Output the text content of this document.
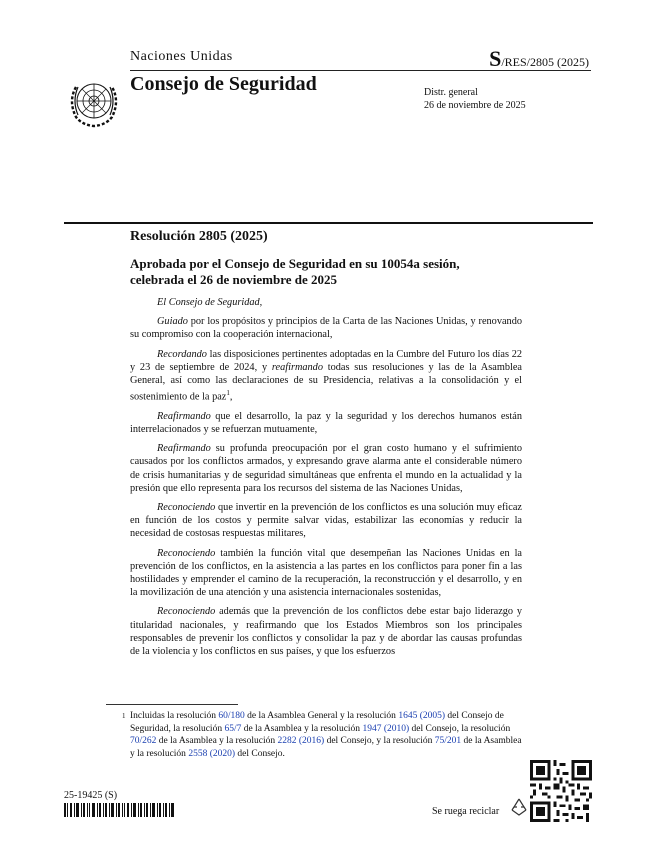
Naciones Unidas	S/RES/2805 (2025)
Consejo de Seguridad	Distr. general
26 de noviembre de 2025
Resolución 2805 (2025)
Aprobada por el Consejo de Seguridad en su 10054a sesión, celebrada el 26 de noviembre de 2025

El Consejo de Seguridad,

Guiado por los propósitos y principios de la Carta de las Naciones Unidas, y renovando su compromiso con la cooperación internacional,

Recordando las disposiciones pertinentes adoptadas en la Cumbre del Futuro los días 22 y 23 de septiembre de 2024, y reafirmando todas sus resoluciones y las de la Asamblea General, así como las declaraciones de su Presidencia, relativas a la consolidación y el sostenimiento de la paz$^1$,

Reafirmando que el desarrollo, la paz y la seguridad y los derechos humanos están interrelacionados y se refuerzan mutuamente,

Reafirmando su profunda preocupación por el gran costo humano y el sufrimiento causados por los conflictos armados, y expresando grave alarma ante el considerable número de crisis humanitarias y de seguridad simultáneas que enfrenta el mundo en la actualidad y la presión que ello representa para los recursos del sistema de las Naciones Unidas,

Reconociendo que invertir en la prevención de los conflictos es una solución muy eficaz en función de los costos y permite salvar vidas, estabilizar las economías y reducir la necesidad de costosas respuestas militares,

Reconociendo también la función vital que desempeñan las Naciones Unidas en la prevención de los conflictos, en la asistencia a las partes en los conflictos para poner fin a las hostilidades y emprender el camino de la recuperación, la reconstrucción y el desarrollo, y en la movilización de una atención y una asistencia internacionales sostenidas,

Reconociendo además que la prevención de los conflictos debe estar bajo liderazgo y titularidad nacionales, y reafirmando que los Estados Miembros son los principales responsables de prevenir los conflictos y consolidar la paz y de abordar las causas profundas de la violencia y los conflictos en sus países, y que los esfuerzos

1 Incluidas la resolución 60/180 de la Asamblea General y la resolución 1645 (2005) del Consejo de Seguridad, la resolución 65/7 de la Asamblea y la resolución 1947 (2010) del Consejo, la resolución 70/262 de la Asamblea y la resolución 2282 (2016) del Consejo, y la resolución 75/201 de la Asamblea y la resolución 2558 (2020) del Consejo.
25-19425 (S)
Se ruega reciclar
